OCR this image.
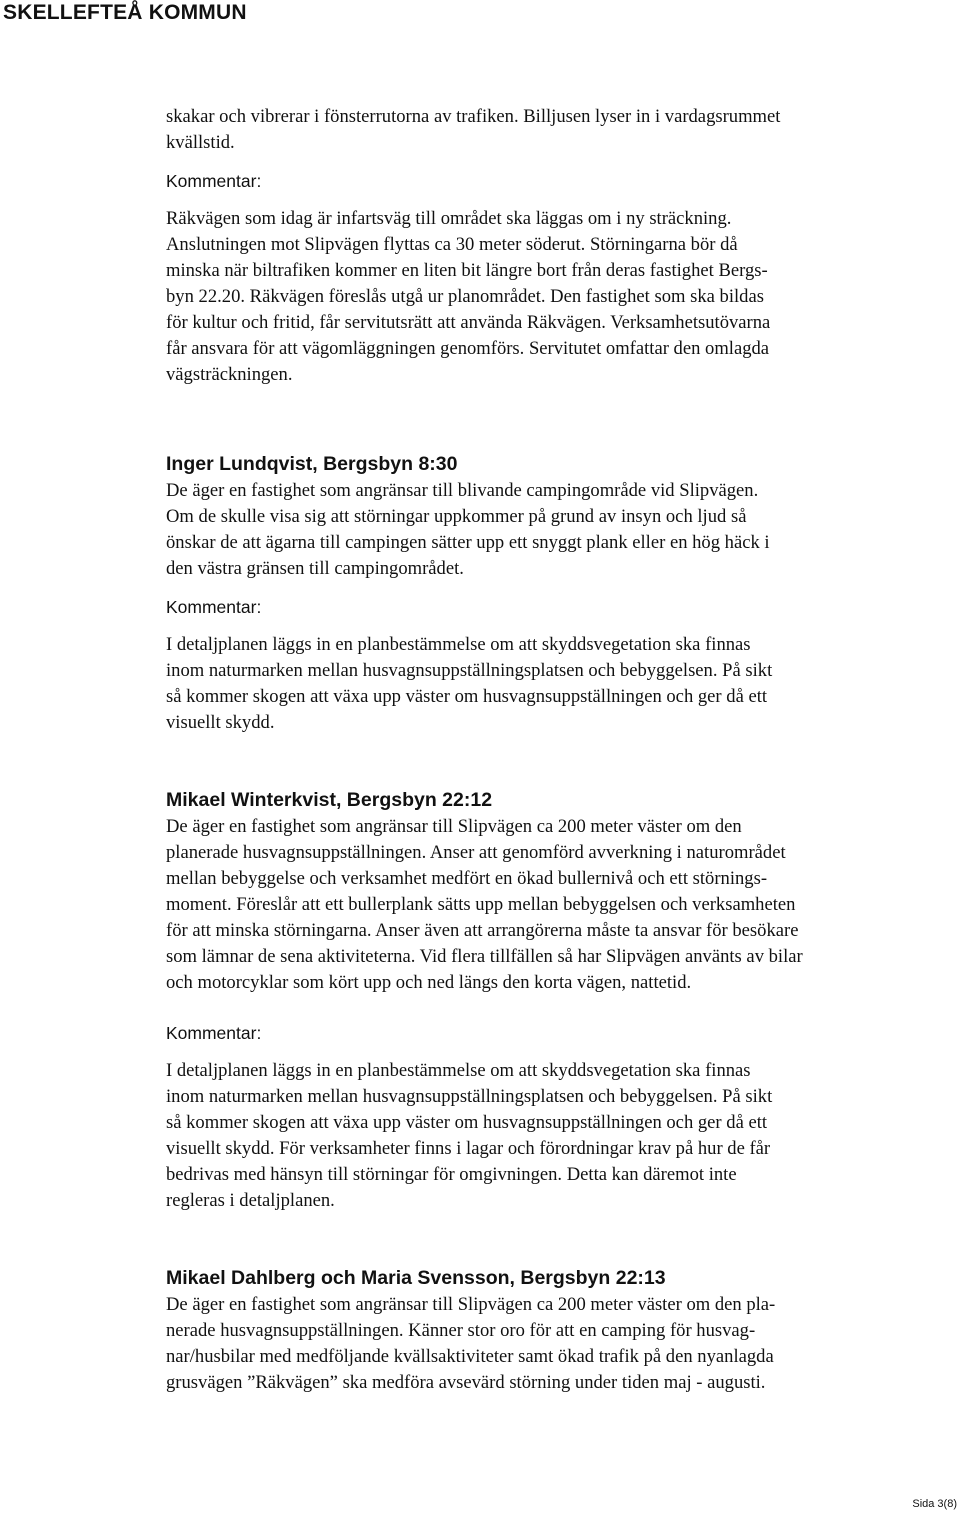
SKELLEFTEÅ KOMMUN

skakar och vibrerar i fönsterrutorna av trafiken. Billjusen lyser in i vardagsrummet
kvällstid.

Kommentar:

Räkvägen som idag är infartsväg till området ska läggas om i ny sträckning.
Anslutningen mot Slipvägen flyttas ca 30 meter söderut. Störningarna bör då
minska när biltrafiken kommer en liten bit längre bort från deras fastighet Bergs-
byn 22.20. Räkvägen föreslås utgå ur planområdet. Den fastighet som ska bildas
för kultur och fritid, får servitutsrätt att använda Räkvägen. Verksamhetsutövarna
får ansvara för att vägomläggningen genomförs. Servitutet omfattar den omlagda
vägsträckningen.

Inger Lundqvist, Bergsbyn 8:30

De äger en fastighet som angränsar till blivande campingområde vid Slipvägen.
Om de skulle visa sig att störningar uppkommer på grund av insyn och ljud så
önskar de att ägarna till campingen sätter upp ett snyggt plank eller en hög häck i
den västra gränsen till campingområdet.

Kommentar:

I detaljplanen läggs in en planbestämmelse om att skyddsvegetation ska finnas
inom naturmarken mellan husvagnsuppställningsplatsen och bebyggelsen. På sikt
så kommer skogen att växa upp väster om husvagnsuppställningen och ger då ett
visuellt skydd.

Mikael Winterkvist, Bergsbyn 22:12

De äger en fastighet som angränsar till Slipvägen ca 200 meter väster om den
planerade husvagnsuppställningen. Anser att genomförd avverkning i naturområdet
mellan bebyggelse och verksamhet medfört en ökad bullernivå och ett störnings-
moment. Föreslår att ett bullerplank sätts upp mellan bebyggelsen och verksamheten
för att minska störningarna. Anser även att arrangörerna måste ta ansvar för besökare
som lämnar de sena aktiviteterna. Vid flera tillfällen så har Slipvägen använts av bilar
och motorcyklar som kört upp och ned längs den korta vägen, nattetid.

Kommentar:

I detaljplanen läggs in en planbestämmelse om att skyddsvegetation ska finnas
inom naturmarken mellan husvagnsuppställningsplatsen och bebyggelsen. På sikt
så kommer skogen att växa upp väster om husvagnsuppställningen och ger då ett
visuellt skydd. För verksamheter finns i lagar och förordningar krav på hur de får
bedrivas med hänsyn till störningar för omgivningen. Detta kan däremot inte
regleras i detaljplanen.

Mikael Dahlberg och Maria Svensson, Bergsbyn 22:13

De äger en fastighet som angränsar till Slipvägen ca 200 meter väster om den pla-
nerade husvagnsuppställningen. Känner stor oro för att en camping för husvag-
nar/husbilar med medföljande kvällsaktiviteter samt ökad trafik på den nyanlagda
grusvägen ”Räkvägen” ska medföra avsevärd störning under tiden maj - augusti.

Sida 3(8)
